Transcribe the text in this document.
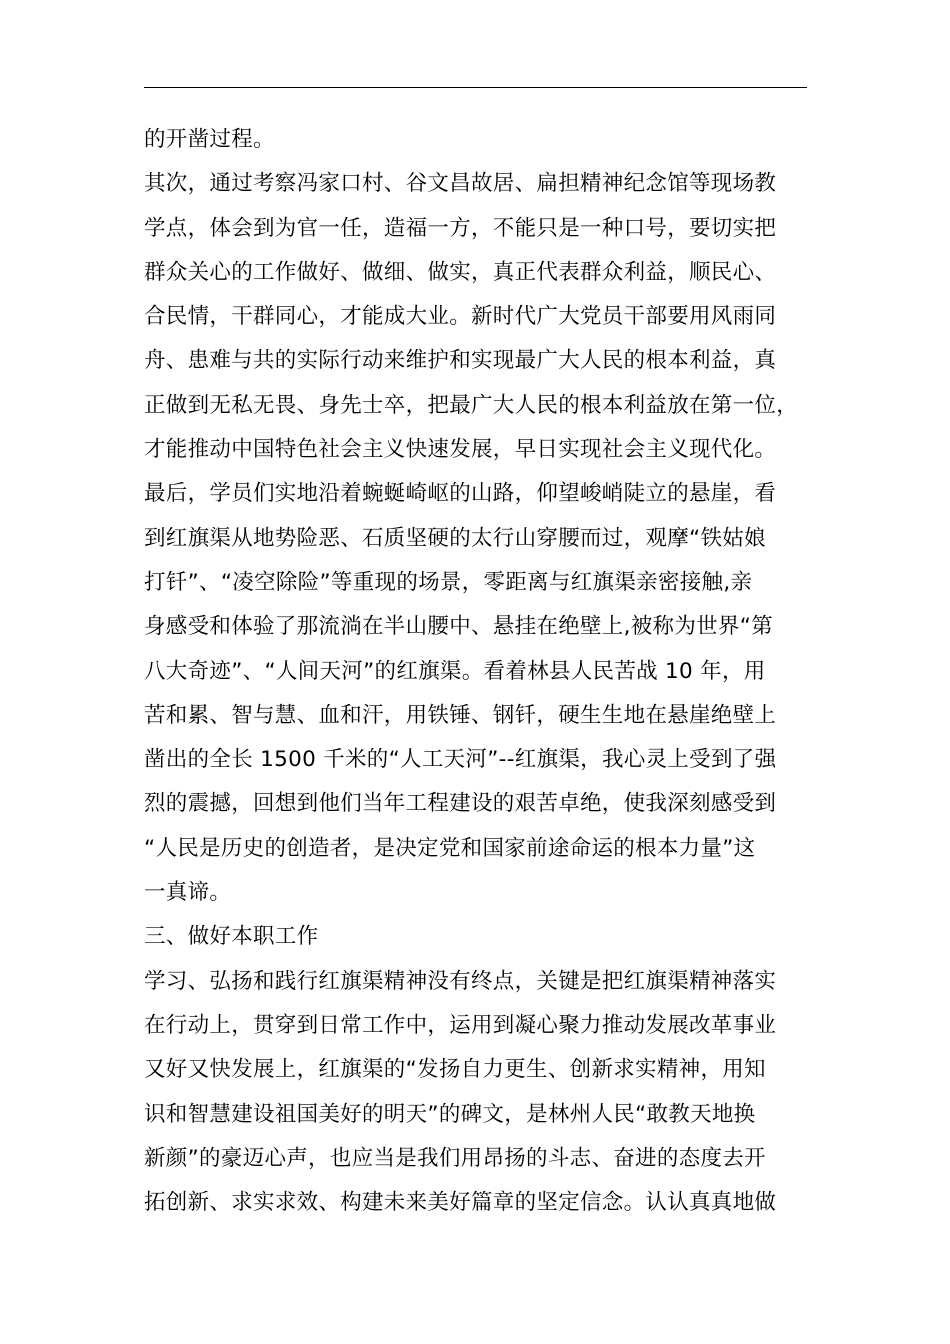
的开凿过程。
其次，通过考察冯家口村、谷文昌故居、扁担精神纪念馆等现场教
学点，体会到为官一任，造福一方，不能只是一种口号，要切实把
群众关心的工作做好、做细、做实，真正代表群众利益，顺民心、
合民情，干群同心，才能成大业。新时代广大党员干部要用风雨同
舟、患难与共的实际行动来维护和实现最广大人民的根本利益，真
正做到无私无畏、身先士卒，把最广大人民的根本利益放在第一位，
才能推动中国特色社会主义快速发展，早日实现社会主义现代化。
最后，学员们实地沿着蜿蜒崎岖的山路，仰望峻峭陡立的悬崖，看
到红旗渠从地势险恶、石质坚硬的太行山穿腰而过，观摩“铁姑娘
打钎”、“凌空除险”等重现的场景，零距离与红旗渠亲密接触,亲
身感受和体验了那流淌在半山腰中、悬挂在绝壁上,被称为世界“第
八大奇迹”、“人间天河”的红旗渠。看着林县人民苦战 10 年，用
苦和累、智与慧、血和汗，用铁锤、钢钎，硬生生地在悬崖绝壁上
凿出的全长 1500 千米的“人工天河”--红旗渠，我心灵上受到了强
烈的震撼，回想到他们当年工程建设的艰苦卓绝，使我深刻感受到
“人民是历史的创造者，是决定党和国家前途命运的根本力量”这
一真谛。
三、做好本职工作
学习、弘扬和践行红旗渠精神没有终点，关键是把红旗渠精神落实
在行动上，贯穿到日常工作中，运用到凝心聚力推动发展改革事业
又好又快发展上，红旗渠的“发扬自力更生、创新求实精神，用知
识和智慧建设祖国美好的明天”的碑文，是林州人民“敢教天地换
新颜”的豪迈心声，也应当是我们用昂扬的斗志、奋进的态度去开
拓创新、求实求效、构建未来美好篇章的坚定信念。认认真真地做
